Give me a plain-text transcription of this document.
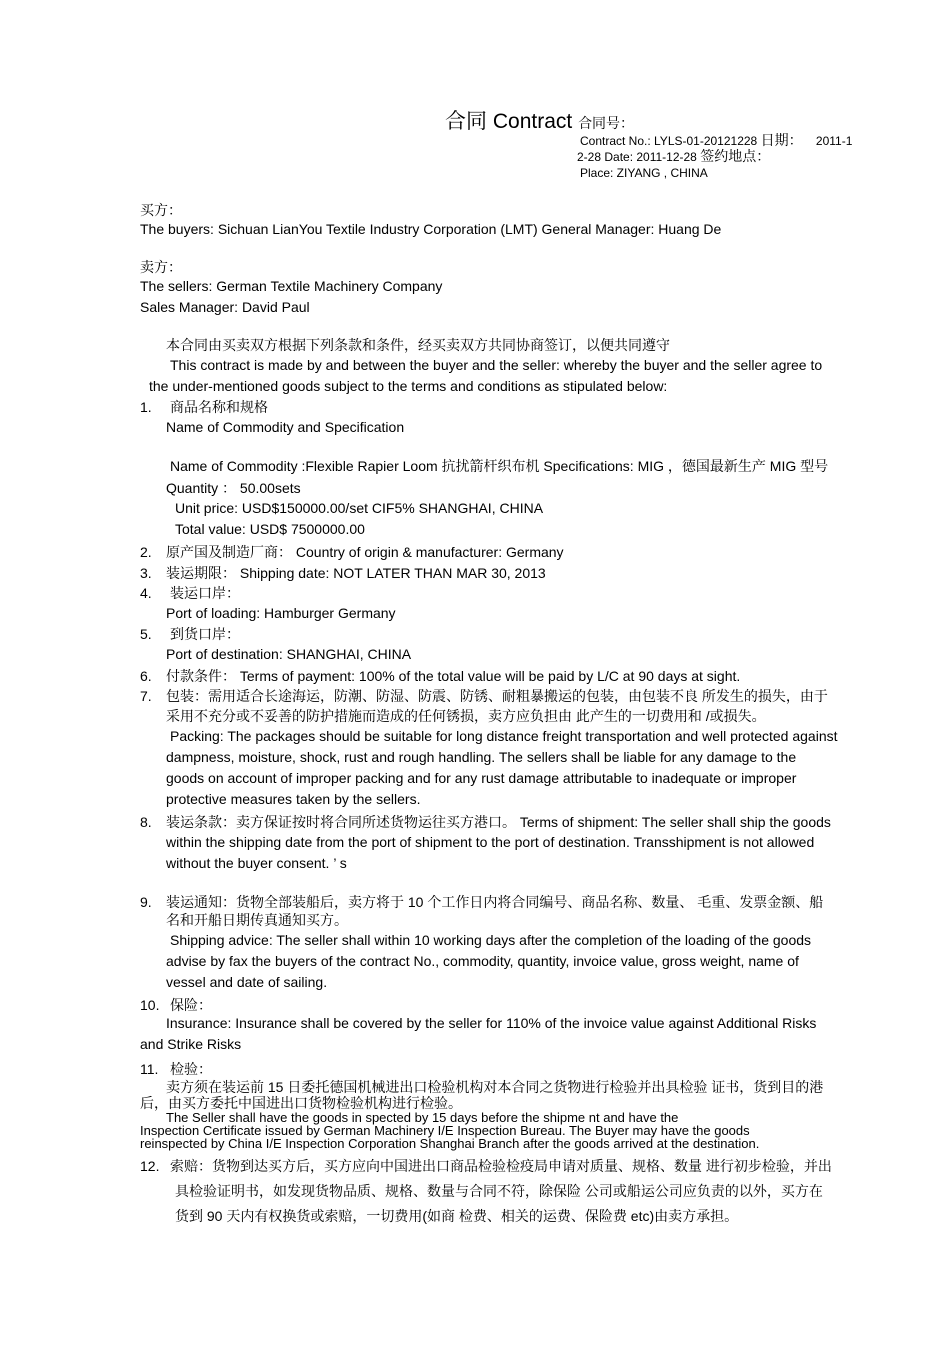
合同 Contract 合同号：
Contract No.: LYLS-01-20121228 日期： 2011-1
2-28 Date: 2011-12-28 签约地点：
Place: ZIYANG , CHINA
买方：
The buyers: Sichuan LianYou Textile Industry Corporation (LMT) General Manager: Huang De
卖方：
The sellers: German Textile Machinery Company
Sales Manager: David Paul
本合同由买卖双方根据下列条款和条件，经买卖双方共同协商签订，以便共同遵守
This contract is made by and between the buyer and the seller: whereby the buyer and the seller agree to
the under-mentioned goods subject to the terms and conditions as stipulated below:
1. 商品名称和规格
Name of Commodity and Specification
Name of Commodity :Flexible Rapier Loom 抗扰箭杆织布机 Specifications: MIG ，德国最新生产 MIG 型号
Quantity ： 50.00sets
Unit price: USD$150000.00/set CIF5% SHANGHAI, CHINA
Total value: USD$ 7500000.00
2. 原产国及制造厂商： Country of origin & manufacturer: Germany
3. 装运期限： Shipping date: NOT LATER THAN MAR 30, 2013
4. 装运口岸：
Port of loading: Hamburger Germany
5. 到货口岸：
Port of destination: SHANGHAI, CHINA
6. 付款条件： Terms of payment: 100% of the total value will be paid by L/C at 90 days at sight.
7. 包装：需用适合长途海运，防潮、防湿、防震、防锈、耐粗暴搬运的包装，由包装不良 所发生的损失，由于
采用不充分或不妥善的防护措施而造成的任何锈损，卖方应负担由 此产生的一切费用和 /或损失。
Packing: The packages should be suitable for long distance freight transportation and well protected against
dampness, moisture, shock, rust and rough handling. The sellers shall be liable for any damage to the
goods on account of improper packing and for any rust damage attributable to inadequate or improper
protective measures taken by the sellers.
8. 装运条款：卖方保证按时将合同所述货物运往买方港口。 Terms of shipment: The seller shall ship the goods
within the shipping date from the port of shipment to the port of destination. Transshipment is not allowed
without the buyer consent. ’ s
9. 装运通知：货物全部装船后，卖方将于 10 个工作日内将合同编号、商品名称、数量、 毛重、发票金额、船
名和开船日期传真通知买方。
Shipping advice: The seller shall within 10 working days after the completion of the loading of the goods
advise by fax the buyers of the contract No., commodity, quantity, invoice value, gross weight, name of
vessel and date of sailing.
10. 保险：
Insurance: Insurance shall be covered by the seller for 110% of the invoice value against Additional Risks
and Strike Risks
11. 检验：
卖方须在装运前 15 日委托德国机械进出口检验机构对本合同之货物进行检验并出具检验 证书，货到目的港
后，由买方委托中国进出口货物检验机构进行检验。
The Seller shall have the goods in spected by 15 days before the shipme nt and have the
Inspection Certificate issued by German Machinery I/E Inspection Bureau. The Buyer may have the goods
reinspected by China I/E Inspection Corporation Shanghai Branch after the goods arrived at the destination.
12. 索赔：货物到达买方后，买方应向中国进出口商品检验检疫局申请对质量、规格、数量 进行初步检验，并出
具检验证明书，如发现货物品质、规格、数量与合同不符，除保险 公司或船运公司应负责的以外，买方在
货到 90 天内有权换货或索赔，一切费用(如商 检费、相关的运费、保险费 etc)由卖方承担。
